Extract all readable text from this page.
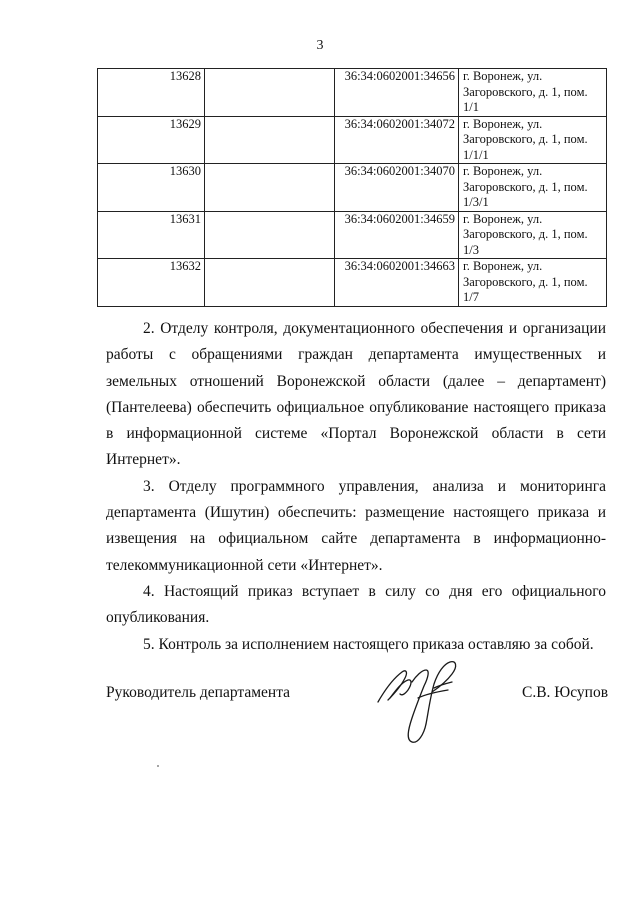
3
13628		36:34:0602001:34656	г. Воронеж, ул.
Загоровского, д. 1, пом.
1/1

13629		36:34:0602001:34072	г. Воронеж, ул.
Загоровского, д. 1, пом.
1/1/1

13630		36:34:0602001:34070	г. Воронеж, ул.
Загоровского, д. 1, пом.
1/3/1

13631		36:34:0602001:34659	г. Воронеж, ул.
Загоровского, д. 1, пом.
1/3

13632		36:34:0602001:34663	г. Воронеж, ул.
Загоровского, д. 1, пом.
1/7

2. Отделу контроля, документационного обеспечения и организации работы с обращениями граждан департамента имущественных и земельных отношений Воронежской области (далее – департамент) (Пантелеева) обеспечить официальное опубликование настоящего приказа в информационной системе «Портал Воронежской области в сети Интернет».

3. Отделу программного управления, анализа и мониторинга департамента (Ишутин) обеспечить: размещение настоящего приказа и извещения на официальном сайте департамента в информационно-телекоммуникационной сети «Интернет».

4. Настоящий приказ вступает в силу со дня его официального опубликования.

5. Контроль за исполнением настоящего приказа оставляю за собой.

Руководитель департамента	С.В. Юсупов
